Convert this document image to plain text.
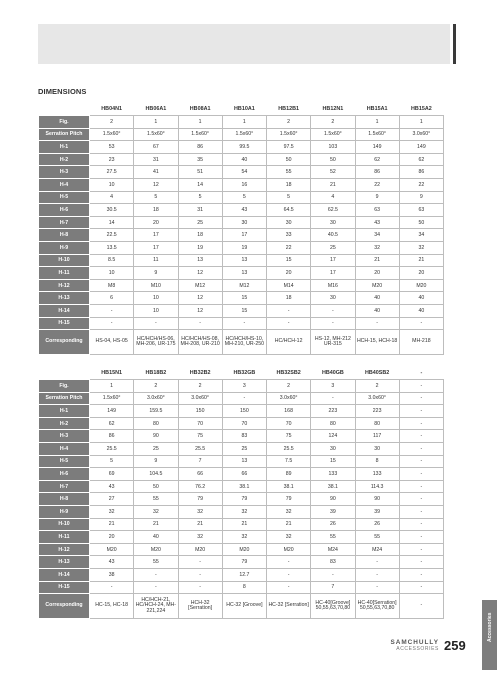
DIMENSIONS
	HB04N1	HB06A1	HB08A1	HB10A1	HB12B1	HB12N1	HB15A1	HB15A2
Fig.	2	1	1	1	2	2	1	1
Serration Pitch	1.5x60°	1.5x60°	1.5x60°	1.5x60°	1.5x60°	1.5x60°	1.5x60°	3.0x60°
H-1	53	67	86	99.5	97.5	103	149	149
H-2	23	31	35	40	50	50	62	62
H-3	27.5	41	51	54	55	52	86	86
H-4	10	12	14	16	18	21	22	22
H-5	4	5	5	5	5	4	9	9
H-6	30.5	18	31	43	64.5	62.5	63	63
H-7	14	20	25	30	30	30	43	50
H-8	22.5	17	18	17	33	40.5	34	34
H-9	13.5	17	19	19	22	25	32	32
H-10	8.5	11	13	13	15	17	21	21
H-11	10	9	12	13	20	17	20	20
H-12	M8	M10	M12	M12	M14	M16	M20	M20
H-13	6	10	12	15	18	30	40	40
H-14	-	10	12	15	-	-	40	40
H-15	-	-	-	-	-	-	-	-
Corresponding	HS-04, HS-05	HC/HCH/HS-06, MH-206, UR-175	HC/HCH/HS-08, MH-208, UR-210	HC/HCH/HS-10, MH-210, UR-250	HC/HCH-12	HS-12, MH-212 UR-315	HCH-15, HCH-18	MH-218
	HB15N1	HB18B2	HB32B2	HB32GB	HB32SB2	HB40GB	HB40SB2	-
Fig.	1	2	2	3	2	3	2	-
Serration Pitch	1.5x60°	3.0x60°	3.0x60°	-	3.0x60°	-	3.0x60°	-
H-1	149	159.5	150	150	168	223	223	-
H-2	62	80	70	70	70	80	80	-
H-3	86	90	75	83	75	124	117	-
H-4	25.5	25	25.5	25	25.5	30	30	-
H-5	5	9	7	13	7.5	15	8	-
H-6	69	104.5	66	66	89	133	133	-
H-7	43	50	76.2	38.1	38.1	38.1	114.3	-
H-8	27	55	79	79	79	90	90	-
H-9	32	32	32	32	32	39	39	-
H-10	21	21	21	21	21	26	26	-
H-11	20	40	32	32	32	55	55	-
H-12	M20	M20	M20	M20	M20	M24	M24	-
H-13	43	55	-	79	-	83	-	-
H-14	38	-	-	12.7	-	-	-	-
H-15	-	-	-	8	-	7	-	-
Corresponding	HC-15, HC-18	HC/HCH-21, HC/HCH-24, MH-221,224	HCH-32 [Serration]	HC-32 [Groove]	HC-32 [Serration]	HC-40[Groove] 50,55,63,70,80	HC-40[Serration] 50,55,63,70,80	-
SAMCHULLY
ACCESSORIES 259
Accessories
